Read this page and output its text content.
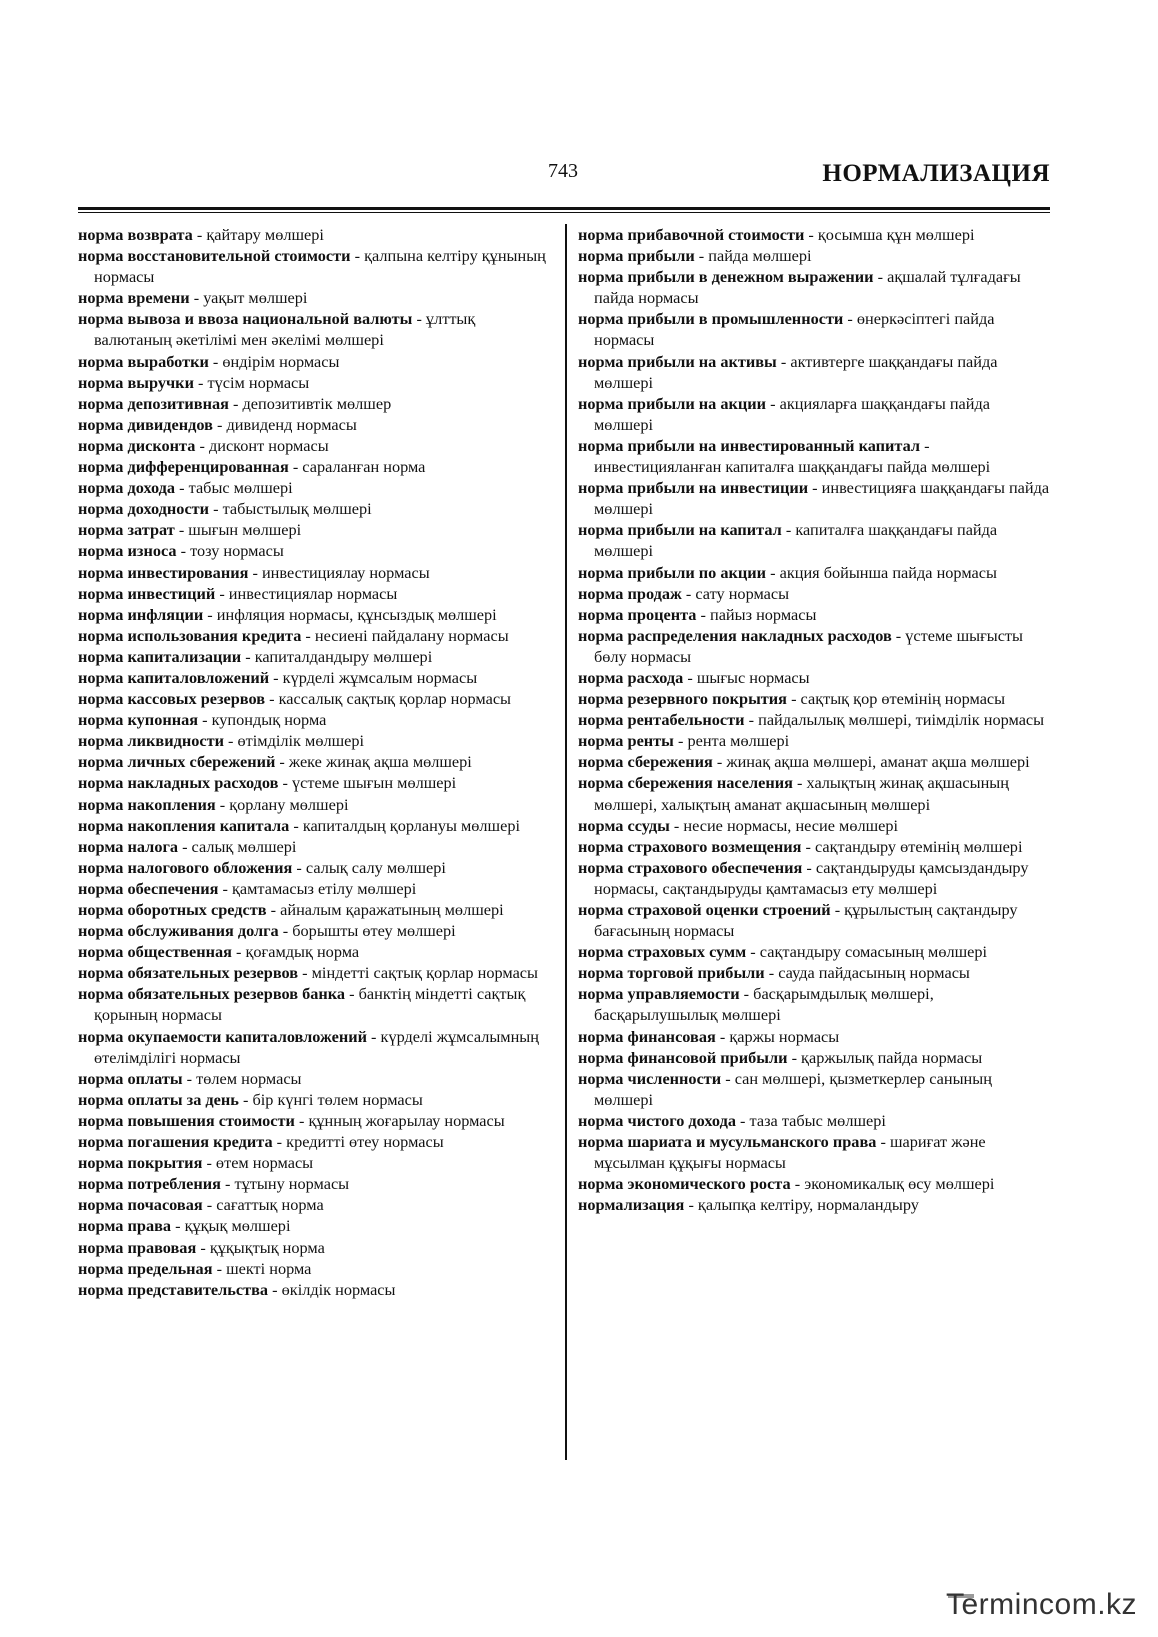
743	НОРМАЛИЗАЦИЯ

норма возврата - қайтару мөлшері

норма восстановительной стоимости - қалпына келтіру құнының нормасы

норма времени - уақыт мөлшері

норма вывоза и ввоза национальной валюты - ұлттық валютаның әкетілімі мен әкелімі мөлшері

норма выработки - өндірім нормасы

норма выручки - түсім нормасы

норма депозитивная - депозитивтік мөлшер

норма дивидендов - дивиденд нормасы

норма дисконта - дисконт нормасы

норма дифференцированная - сараланған норма

норма дохода - табыс мөлшері

норма доходности - табыстылық мөлшері

норма затрат - шығын мөлшері

норма износа - тозу нормасы

норма инвестирования - инвестициялау нормасы

норма инвестиций - инвестициялар нормасы

норма инфляции - инфляция нормасы, құнсыздық мөлшері

норма использования кредита - несиені пайдалану нормасы

норма капитализации - капиталдандыру мөлшері

норма капиталовложений - күрделі жұмсалым нормасы

норма кассовых резервов - кассалық сақтық қорлар нормасы

норма купонная - купондық норма

норма ликвидности - өтімділік мөлшері

норма личных сбережений - жеке жинақ ақша мөлшері

норма накладных расходов - үстеме шығын мөлшері

норма накопления - қорлану мөлшері

норма накопления капитала - капиталдың қорлануы мөлшері

норма налога - салық мөлшері

норма налогового обложения - салық салу мөлшері

норма обеспечения - қамтамасыз етілу мөлшері

норма оборотных средств - айналым қаражатының мөлшері

норма обслуживания долга - борышты өтеу мөлшері

норма общественная - қоғамдық норма

норма обязательных резервов - міндетті сақтық қорлар нормасы

норма обязательных резервов банка - банктің міндетті сақтық қорының нормасы

норма окупаемости капиталовложений - күрделі жұмсалымның өтелімділігі нормасы

норма оплаты - төлем нормасы

норма оплаты за день - бір күнгі төлем нормасы

норма повышения стоимости - құнның жоғарылау нормасы

норма погашения кредита - кредитті өтеу нормасы

норма покрытия - өтем нормасы

норма потребления - тұтыну нормасы

норма почасовая - сағаттық норма

норма права - құқық мөлшері

норма правовая - құқықтық норма

норма предельная - шекті норма

норма представительства - өкілдік нормасы

норма прибавочной стоимости - қосымша құн мөлшері

норма прибыли - пайда мөлшері

норма прибыли в денежном выражении - ақшалай тұлғадағы пайда нормасы

норма прибыли в промышленности - өнеркәсіптегі пайда нормасы

норма прибыли на активы - активтерге шаққандағы пайда мөлшері

норма прибыли на акции - акцияларға шаққандағы пайда мөлшері

норма прибыли на инвестированный капитал - инвестицияланған капиталға шаққандағы пайда мөлшері

норма прибыли на инвестиции - инвестицияға шаққандағы пайда мөлшері

норма прибыли на капитал - капиталға шаққандағы пайда мөлшері

норма прибыли по акции - акция бойынша пайда нормасы

норма продаж - сату нормасы

норма процента - пайыз нормасы

норма распределения накладных расходов - үстеме шығысты бөлу нормасы

норма расхода - шығыс нормасы

норма резервного покрытия - сақтық қор өтемінің нормасы

норма рентабельности - пайдалылық мөлшері, тиімділік нормасы

норма ренты - рента мөлшері

норма сбережения - жинақ ақша мөлшері, аманат ақша мөлшері

норма сбережения населения - халықтың жинақ ақшасының мөлшері, халықтың аманат ақшасының мөлшері

норма ссуды - несие нормасы, несие мөлшері

норма страхового возмещения - сақтандыру өтемінің мөлшері

норма страхового обеспечения - сақтандыруды қамсыздандыру нормасы, сақтандыруды қамтамасыз ету мөлшері

норма страховой оценки строений - құрылыстың сақтандыру бағасының нормасы

норма страховых сумм - сақтандыру сомасының мөлшері

норма торговой прибыли - сауда пайдасының нормасы

норма управляемости - басқарымдылық мөлшері, басқарылушылық мөлшері

норма финансовая - қаржы нормасы

норма финансовой прибыли - қаржылық пайда нормасы

норма численности - сан мөлшері, қызметкерлер санының мөлшері

норма чистого дохода - таза табыс мөлшері

норма шариата и мусульманского права - шариғат және мұсылман құқығы нормасы

норма экономического роста - экономикалық өсу мөлшері

нормализация - қалыпқа келтіру, нормаландыру

Termincom.kz
